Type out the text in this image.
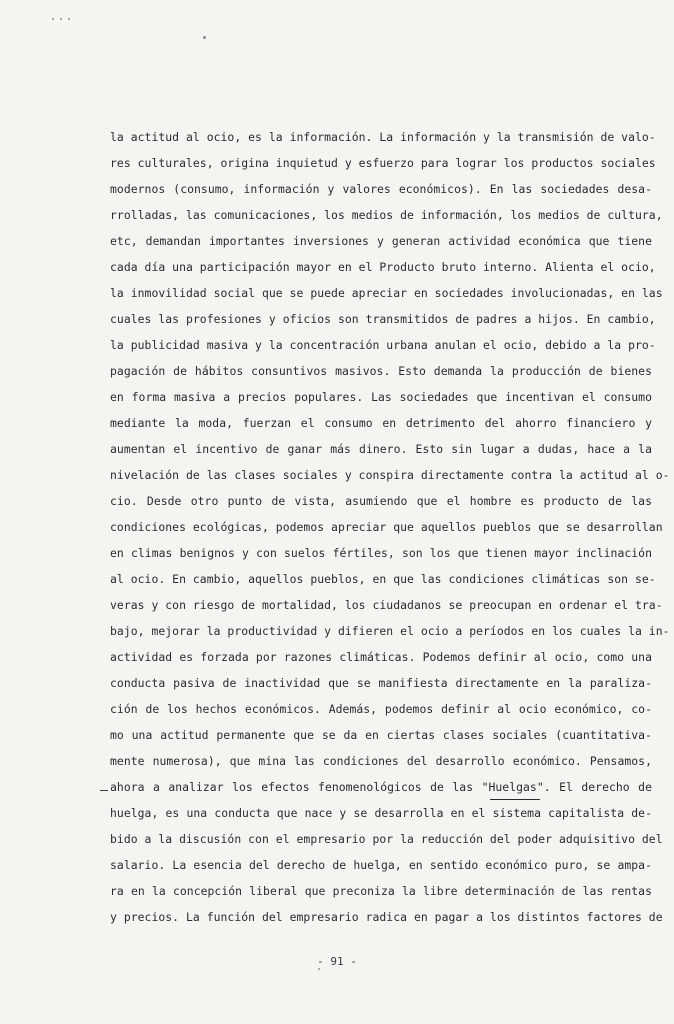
la actitud al ocio, es la información. La información y la transmisión de valo-
res culturales, origina inquietud y esfuerzo para lograr los productos sociales
modernos (consumo, información y valores económicos). En las sociedades desa-
rrolladas, las comunicaciones, los medios de información, los medios de cultura,
etc, demandan importantes inversiones y generan actividad económica que tiene
cada día una participación mayor en el Producto bruto interno. Alienta el ocio,
la inmovilidad social que se puede apreciar en sociedades involucionadas, en las
cuales las profesiones y oficios son transmitidos de padres a hijos. En cambio,
la publicidad masiva y la concentración urbana anulan el ocio, debido a la pro-
pagación de hábitos consuntivos masivos. Esto demanda la producción de bienes
en forma masiva a precios populares. Las sociedades que incentivan el consumo
mediante la moda, fuerzan el consumo en detrimento del ahorro financiero y
aumentan el incentivo de ganar más dinero. Esto sin lugar a dudas, hace a la
nivelación de las clases sociales y conspira directamente contra la actitud al o-
cio. Desde otro punto de vista, asumiendo que el hombre es producto de las
condiciones ecológicas, podemos apreciar que aquellos pueblos que se desarrollan
en climas benignos y con suelos fértiles, son los que tienen mayor inclinación
al ocio. En cambio, aquellos pueblos, en que las condiciones climáticas son se-
veras y con riesgo de mortalidad, los ciudadanos se preocupan en ordenar el tra-
bajo, mejorar la productividad y difieren el ocio a períodos en los cuales la in-
actividad es forzada por razones climáticas. Podemos definir al ocio, como una
conducta pasiva de inactividad que se manifiesta directamente en la paraliza-
ción de los hechos económicos. Además, podemos definir al ocio económico, co-
mo una actitud permanente que se da en ciertas clases sociales (cuantitativa-
mente numerosa), que mina las condiciones del desarrollo económico. Pensamos,
ahora a analizar los efectos fenomenológicos de las "Huelgas". El derecho de
huelga, es una conducta que nace y se desarrolla en el sistema capitalista de-
bido a la discusión con el empresario por la reducción del poder adquisitivo del
salario. La esencia del derecho de huelga, en sentido económico puro, se ampa-
ra en la concepción liberal que preconiza la libre determinación de las rentas
y precios. La función del empresario radica en pagar a los distintos factores de
- 91 -
